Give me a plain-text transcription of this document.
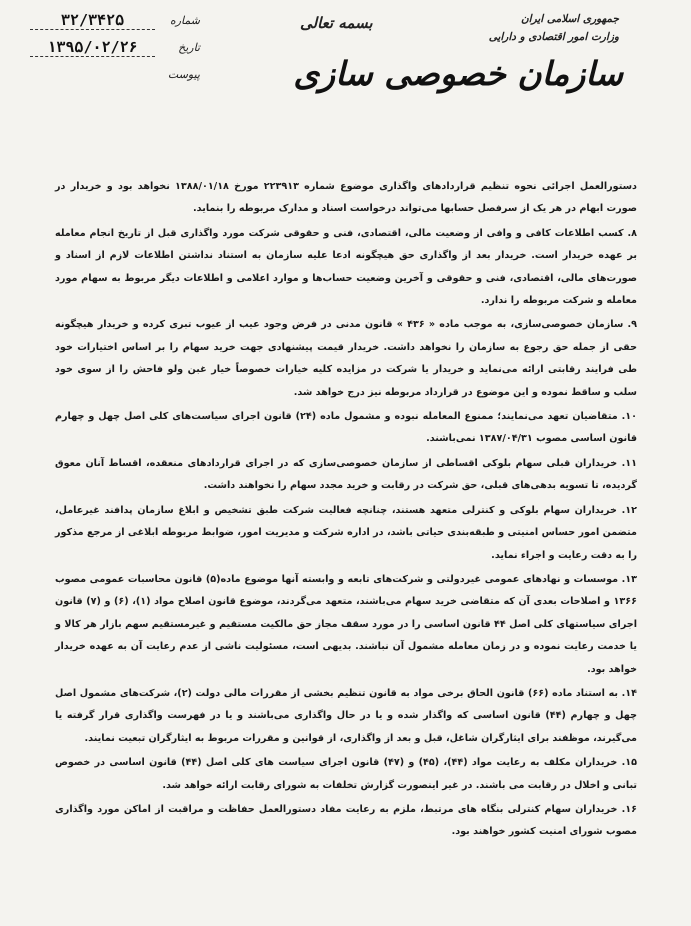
۳۲/۳۴۲۵	شماره
۱۳۹۵/۰۲/۲۶	تاریخ
پیوست
بسمه تعالی	جمهوری اسلامی ایران
وزارت امور اقتصادی و دارایی
سازمان خصوصی سازی

دستورالعمل اجرائی نحوه تنظیم قراردادهای واگذاری موضوع شماره ۲۲۳۹۱۳ مورخ ۱۳۸۸/۰۱/۱۸ نخواهد بود و خریدار در صورت ابهام در هر یک از سرفصل حسابها می‌تواند درخواست اسناد و مدارک مربوطه را بنماید.

۸. کسب اطلاعات کافی و وافی از وضعیت مالی، اقتصادی، فنی و حقوقی شرکت مورد واگذاری قبل از تاریخ انجام معامله بر عهده خریدار است. خریدار بعد از واگذاری حق هیچگونه ادعا علیه سازمان به استناد نداشتن اطلاعات لازم از اسناد و صورت‌های مالی، اقتصادی، فنی و حقوقی و آخرین وضعیت حساب‌ها و موارد اعلامی و اطلاعات دیگر مربوط به سهام مورد معامله و شرکت مربوطه را ندارد.

۹. سازمان خصوصی‌سازی، به موجب ماده « ۴۳۶ » قانون مدنی در فرض وجود عیب از عیوب تبری کرده و خریدار هیچگونه حقی از جمله حق رجوع به سازمان را نخواهد داشت. خریدار قیمت پیشنهادی جهت خرید سهام را بر اساس اختیارات خود طی فرایند رقابتی ارائه می‌نماید و خریدار یا شرکت در مزایده کلیه خیارات خصوصاً خیار غبن ولو فاحش را از سوی خود سلب و ساقط نموده و این موضوع در قرارداد مربوطه نیز درج خواهد شد.

۱۰. متقاضیان تعهد می‌نمایند؛ ممنوع المعامله نبوده و مشمول ماده (۲۴) قانون اجرای سیاست‌های کلی اصل چهل و چهارم قانون اساسی مصوب ۱۳۸۷/۰۴/۳۱ نمی‌باشند.

۱۱. خریداران قبلی سهام بلوکی اقساطی از سازمان خصوصی‌سازی که در اجرای قراردادهای منعقده، اقساط آنان معوق گردیده، تا تسویه بدهی‌های قبلی، حق شرکت در رقابت و خرید مجدد سهام را نخواهند داشت.

۱۲. خریداران سهام بلوکی و کنترلی متعهد هستند، چنانچه فعالیت شرکت طبق تشخیص و ابلاغ سازمان پدافند غیرعامل، متضمن امور حساس امنیتی و طبقه‌بندی حیاتی باشد، در اداره شرکت و مدیریت امور، ضوابط مربوطه ابلاغی از مرجع مذکور را به دقت رعایت و اجراء نماید.

۱۳. موسسات و نهادهای عمومی غیردولتی و شرکت‌های تابعه و وابسته آنها موضوع ماده(۵) قانون محاسبات عمومی مصوب ۱۳۶۶ و اصلاحات بعدی آن که متقاضی خرید سهام می‌باشند، متعهد می‌گردند، موضوع قانون اصلاح مواد (۱)، (۶) و (۷) قانون اجرای سیاستهای کلی اصل ۴۴ قانون اساسی را در مورد سقف مجاز حق مالکیت مستقیم و غیرمستقیم سهم بازار هر کالا و یا خدمت رعایت نموده و در زمان معامله مشمول آن نباشند. بدیهی است، مسئولیت ناشی از عدم رعایت آن به عهده خریدار خواهد بود.

۱۴. به استناد ماده (۶۶) قانون الحاق برخی مواد به قانون تنظیم بخشی از مقررات مالی دولت (۲)، شرکت‌های مشمول اصل چهل و چهارم (۴۴) قانون اساسی که واگذار شده و یا در حال واگذاری می‌باشند و یا در فهرست واگذاری قرار گرفته یا می‌گیرند، موظفند برای ایثارگران شاغل، قبل و بعد از واگذاری، از قوانین و مقررات مربوط به ایثارگران تبعیت نمایند.

۱۵. خریداران مکلف به رعایت مواد (۴۴)، (۴۵) و (۴۷) قانون اجرای سیاست های کلی اصل (۴۴) قانون اساسی در خصوص تبانی و اخلال در رقابت می باشند. در غیر اینصورت گزارش تخلفات به شورای رقابت ارائه خواهد شد.

۱۶. خریداران سهام کنترلی بنگاه های مرتبط، ملزم به رعایت مفاد دستورالعمل حفاظت و مراقبت از اماکن مورد واگذاری مصوب شورای امنیت کشور خواهند بود.
